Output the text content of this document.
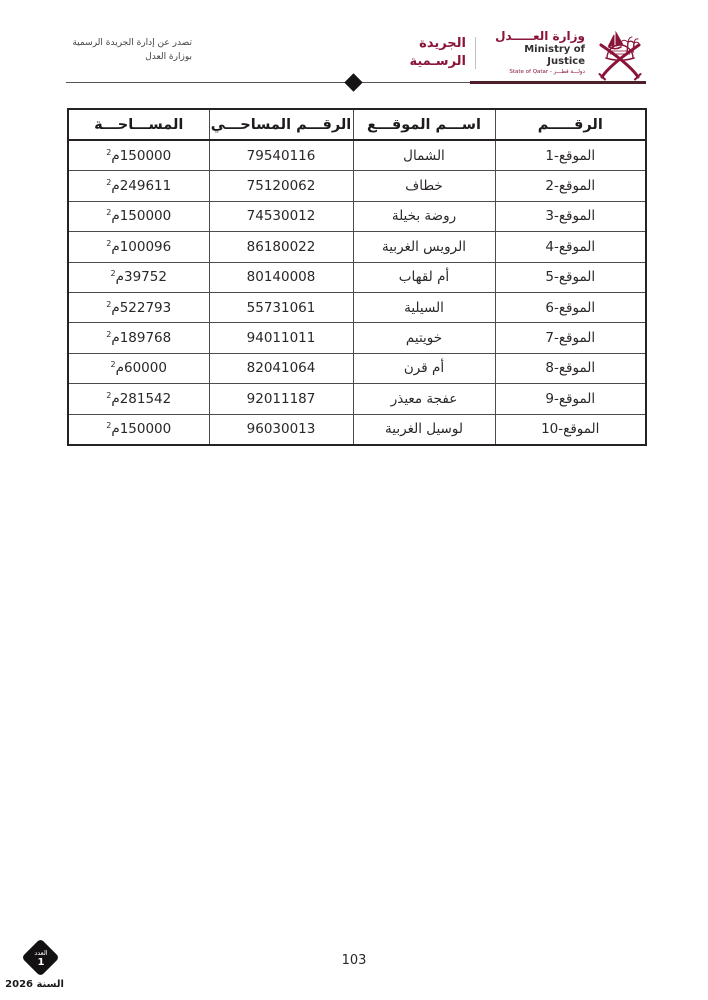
تصدر عن إدارة الجريدة الرسمية
بوزارة العدل
الجريدة
الرسـمية
وزارة العـــــدل
Ministry of Justice
دولـــة قطـــر - State of Qatar
الرقـــــم	اســـم الموقـــع	الرقـــم المساحـــي	المســـاحـــة
الموقع-1	الشمال	79540116	150000م$^2$
الموقع-2	خطاف	75120062	249611م$^2$
الموقع-3	روضة بخيلة	74530012	150000م$^2$
الموقع-4	الرويس الغربية	86180022	100096م$^2$
الموقع-5	أم لقهاب	80140008	39752م$^2$
الموقع-6	السيلية	55731061	522793م$^2$
الموقع-7	خويتيم	94011011	189768م$^2$
الموقع-8	أم قرن	82041064	60000م$^2$
الموقع-9	عفجة معيذر	92011187	281542م$^2$
الموقع-10	لوسيل الغربية	96030013	150000م$^2$
العدد
1
السنة 2026
103
